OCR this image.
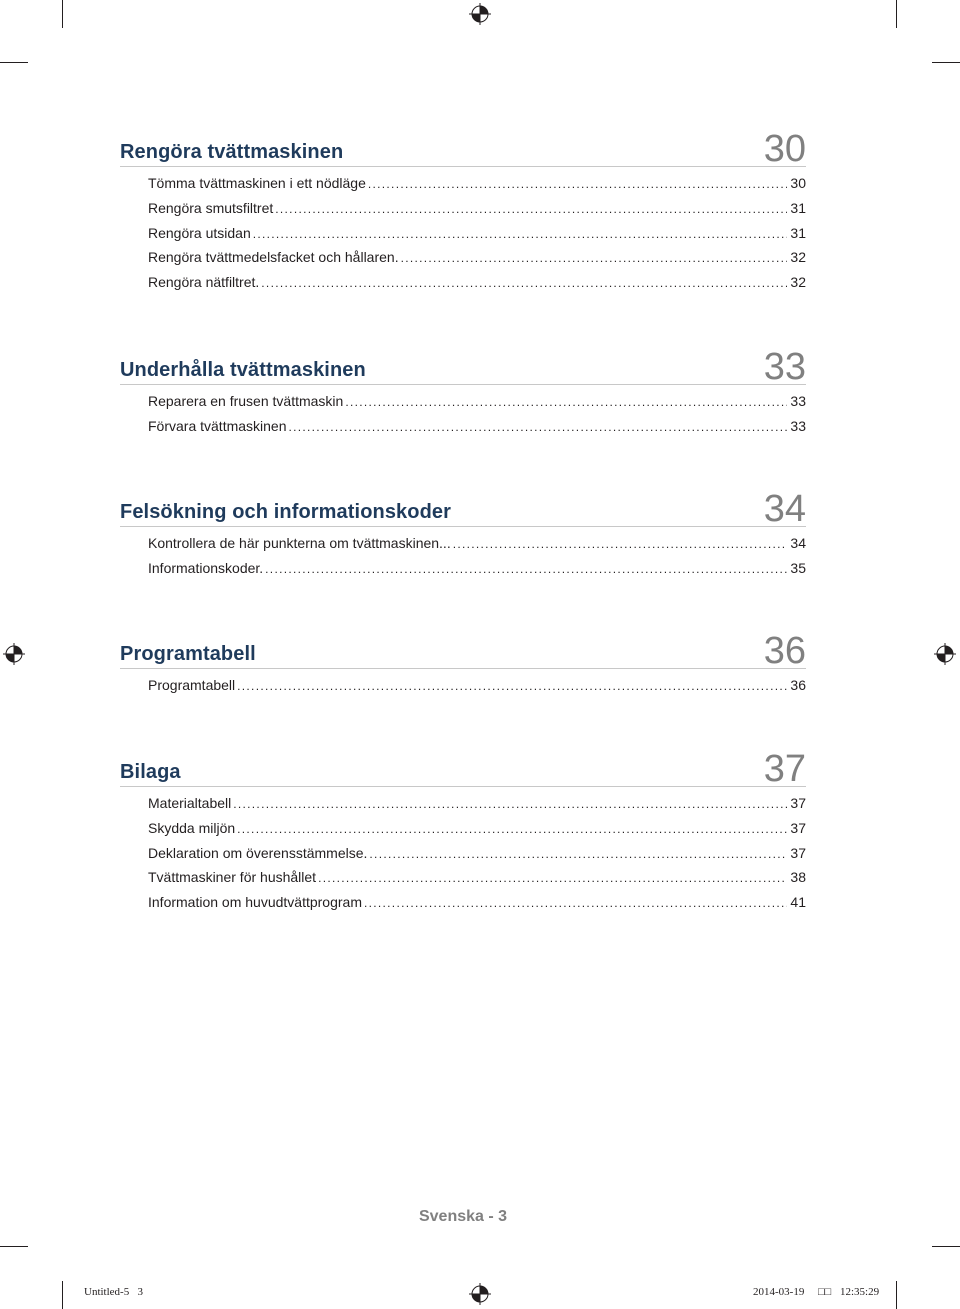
Rengöra tvättmaskinen	30
Tömma tvättmaskinen i ett nödläge .....	30
Rengöra smutsfiltret .....	31
Rengöra utsidan .....	31
Rengöra tvättmedelsfacket och hållaren. .....	32
Rengöra nätfiltret. .....	32
Underhålla tvättmaskinen	33
Reparera en frusen tvättmaskin .....	33
Förvara tvättmaskinen .....	33
Felsökning och informationskoder	34
Kontrollera de här punkterna om tvättmaskinen... .....	34
Informationskoder. .....	35
Programtabell	36
Programtabell .....	36
Bilaga	37
Materialtabell .....	37
Skydda miljön .....	37
Deklaration om överensstämmelse. .....	37
Tvättmaskiner för hushållet .....	38
Information om huvudtvättprogram .....	41
Svenska - 3
Untitled-5   3	2014-03-19 □□ 12:35:29
